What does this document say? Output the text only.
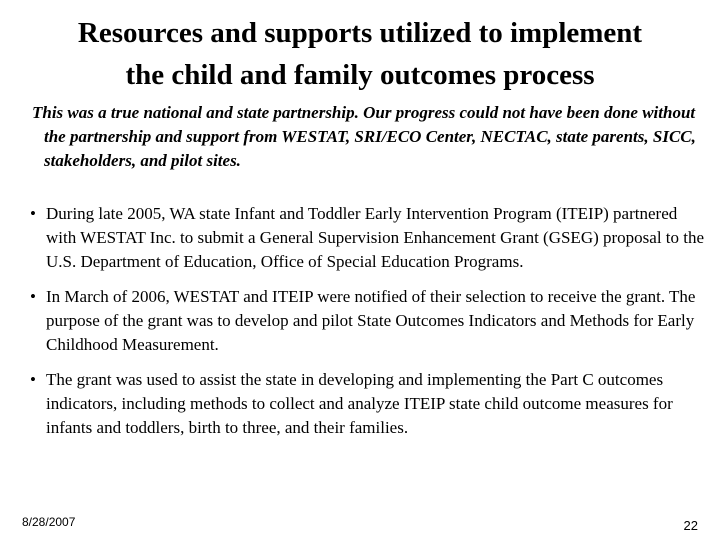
Resources and supports utilized to implement
the child and family outcomes process
This was a true national and state partnership. Our progress could not have been done without the partnership and support from WESTAT, SRI/ECO Center, NECTAC, state parents, SICC, stakeholders, and pilot sites.
• During late 2005, WA state Infant and Toddler Early Intervention Program (ITEIP) partnered with WESTAT Inc. to submit a General Supervision Enhancement Grant (GSEG) proposal to the U.S. Department of Education, Office of Special Education Programs.
• In March of 2006, WESTAT and ITEIP were notified of their selection to receive the grant. The purpose of the grant was to develop and pilot State Outcomes Indicators and Methods for Early Childhood Measurement.
• The grant was used to assist the state in developing and implementing the Part C outcomes indicators, including methods to collect and analyze ITEIP state child outcome measures for infants and toddlers, birth to three, and their families.
8/28/2007	22
